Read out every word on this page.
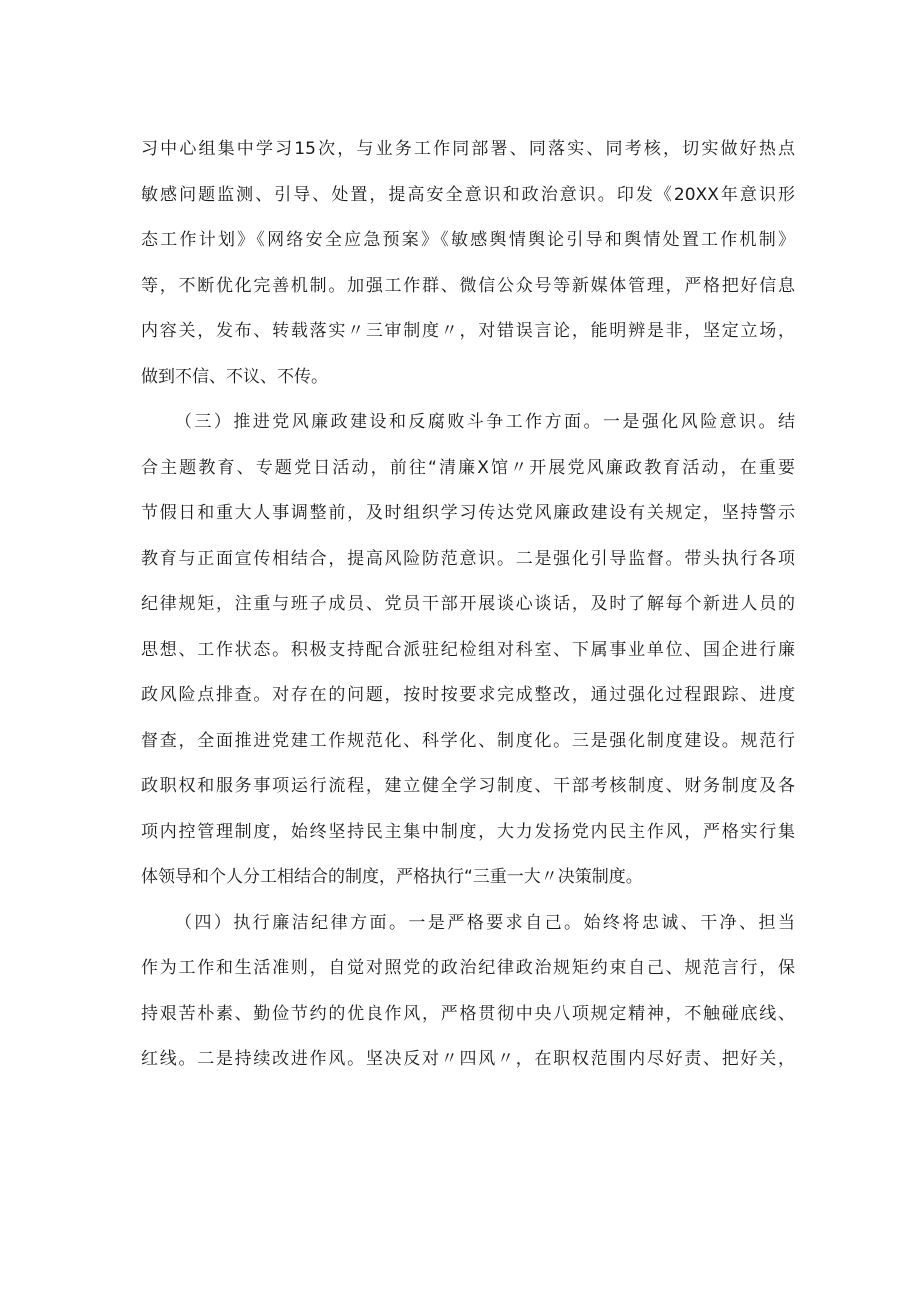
习中心组集中学习15次，与业务工作同部署、同落实、同考核，切实做好热点
敏感问题监测、引导、处置，提高安全意识和政治意识。印发《20XX年意识形
态工作计划》《网络安全应急预案》《敏感舆情舆论引导和舆情处置工作机制》
等，不断优化完善机制。加强工作群、微信公众号等新媒体管理，严格把好信息
内容关，发布、转载落实〃三审制度〃，对错误言论，能明辨是非，坚定立场，
做到不信、不议、不传。
（三）推进党风廉政建设和反腐败斗争工作方面。一是强化风险意识。结
合主题教育、专题党日活动，前往“清廉X馆〃开展党风廉政教育活动，在重要
节假日和重大人事调整前，及时组织学习传达党风廉政建设有关规定，坚持警示
教育与正面宣传相结合，提高风险防范意识。二是强化引导监督。带头执行各项
纪律规矩，注重与班子成员、党员干部开展谈心谈话，及时了解每个新进人员的
思想、工作状态。积极支持配合派驻纪检组对科室、下属事业单位、国企进行廉
政风险点排查。对存在的问题，按时按要求完成整改，通过强化过程跟踪、进度
督查，全面推进党建工作规范化、科学化、制度化。三是强化制度建设。规范行
政职权和服务事项运行流程，建立健全学习制度、干部考核制度、财务制度及各
项内控管理制度，始终坚持民主集中制度，大力发扬党内民主作风，严格实行集
体领导和个人分工相结合的制度，严格执行“三重一大〃决策制度。
（四）执行廉洁纪律方面。一是严格要求自己。始终将忠诚、干净、担当
作为工作和生活准则，自觉对照党的政治纪律政治规矩约束自己、规范言行，保
持艰苦朴素、勤俭节约的优良作风，严格贯彻中央八项规定精神，不触碰底线、
红线。二是持续改进作风。坚决反对〃四风〃，在职权范围内尽好责、把好关，
